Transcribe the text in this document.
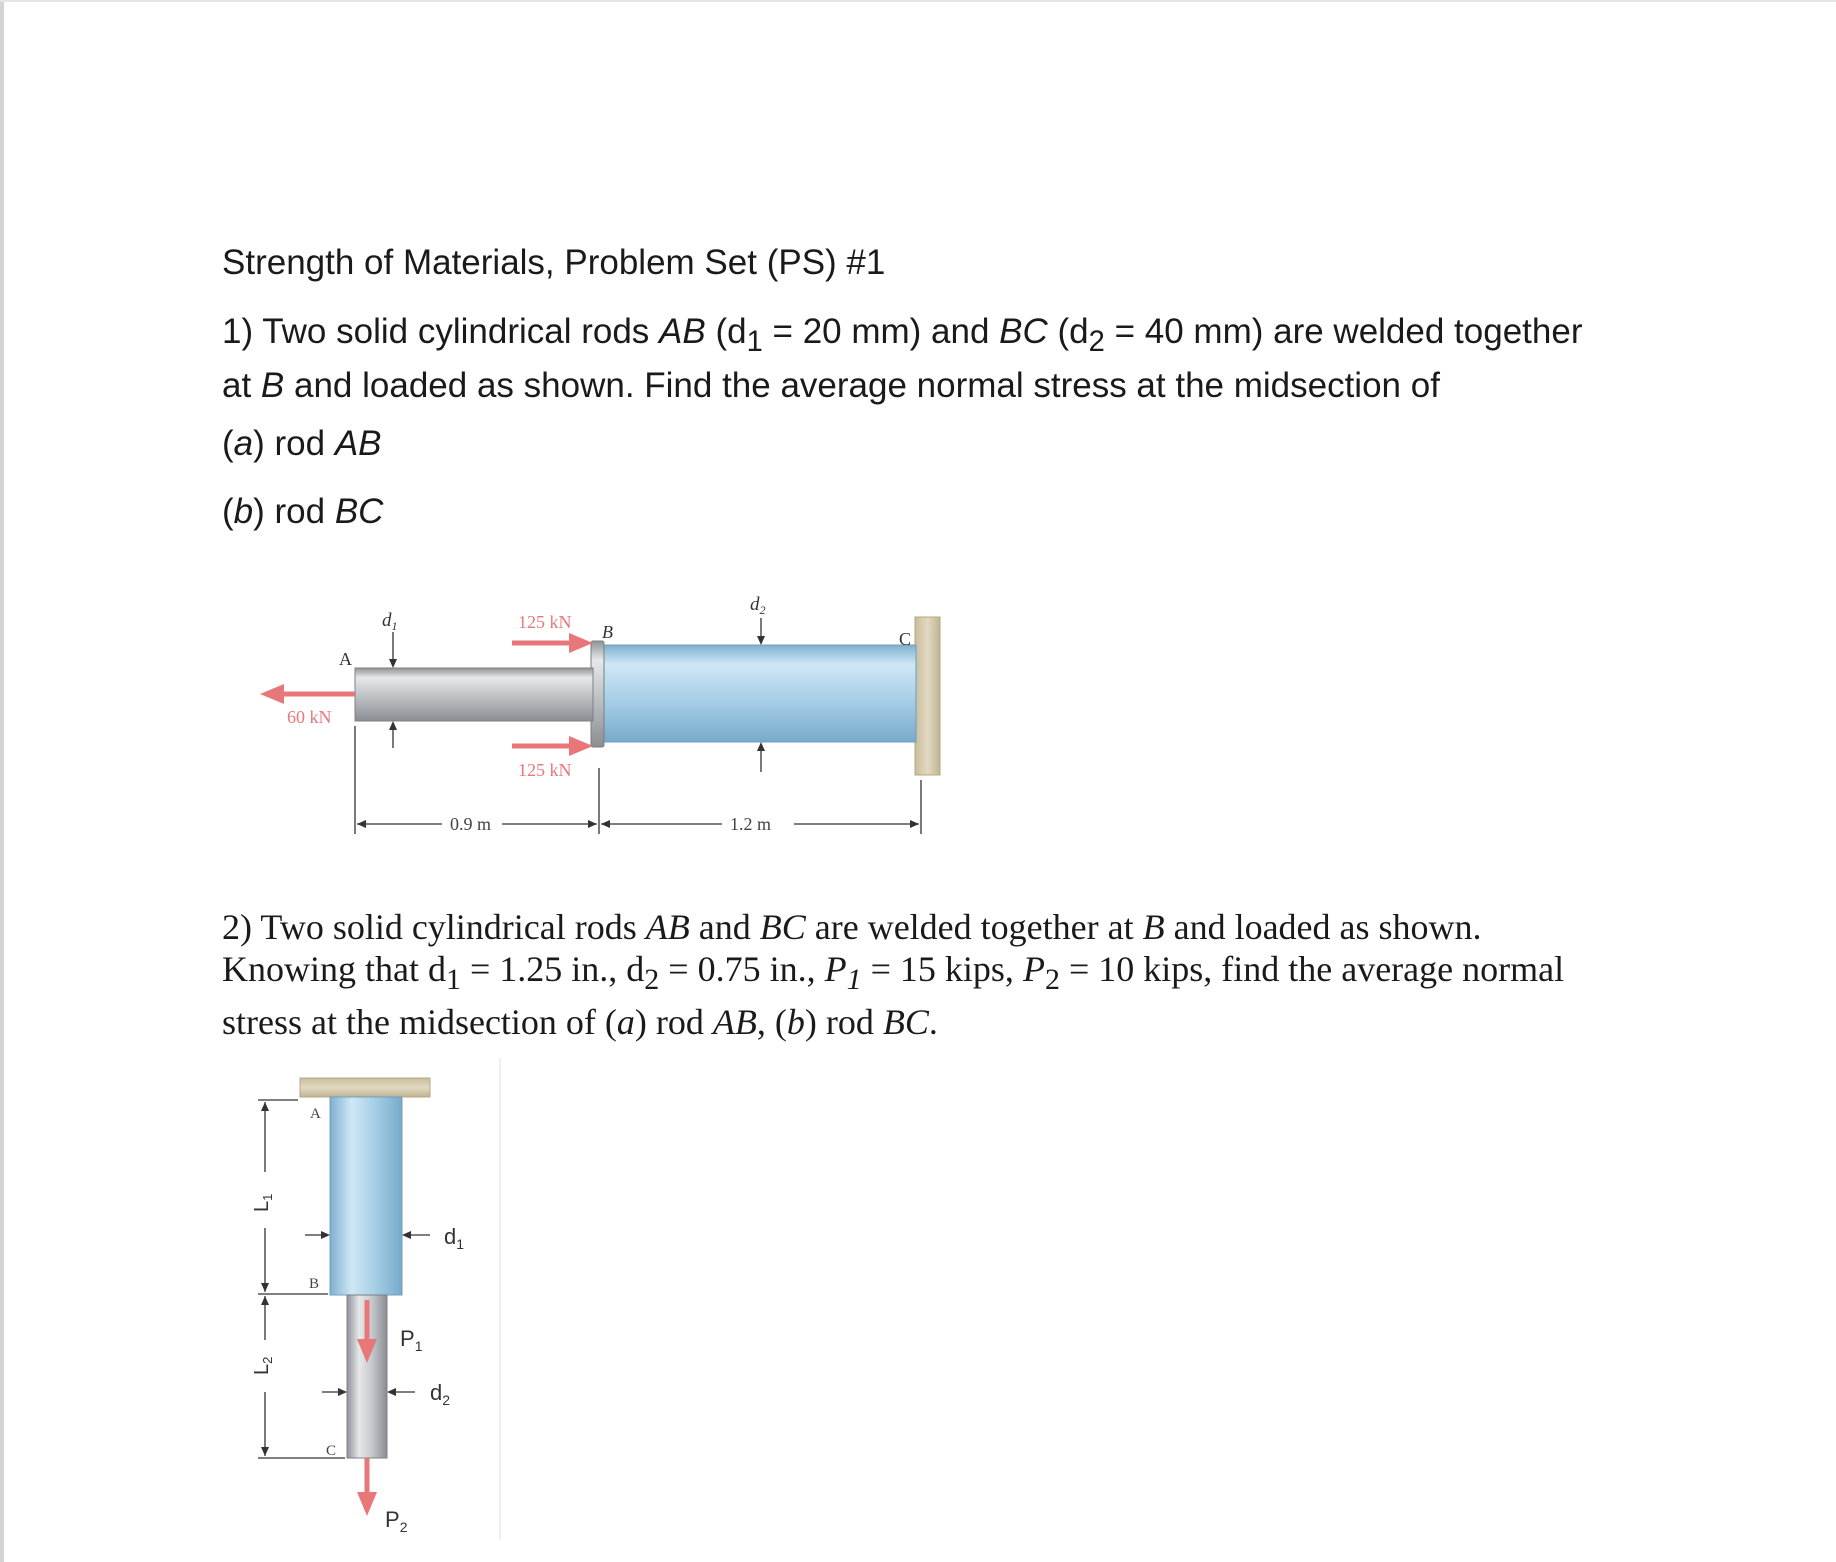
Strength of Materials, Problem Set (PS) #1
1) Two solid cylindrical rods AB ($d_1 = 20$ mm) and BC ($d_2 = 40$ mm) are welded together
at B and loaded as shown. Find the average normal stress at the midsection of
(a) rod AB
(b) rod BC
60 kN
125 kN
125 kN
A
B	C
$d_1$
$d_2$
0.9 m	1.2 m
2) Two solid cylindrical rods AB and BC are welded together at B and loaded as shown.
Knowing that $d_1 = 1.25$ in., $d_2 = 0.75$ in., $P_1 = 15$ kips, $P_2 = 10$ kips, find the average normal
stress at the midsection of (a) rod AB, (b) rod BC.
$P_1$
$P_2$
A
B
C
$d_1$
$d_2$
$L_1$
$L_2$
